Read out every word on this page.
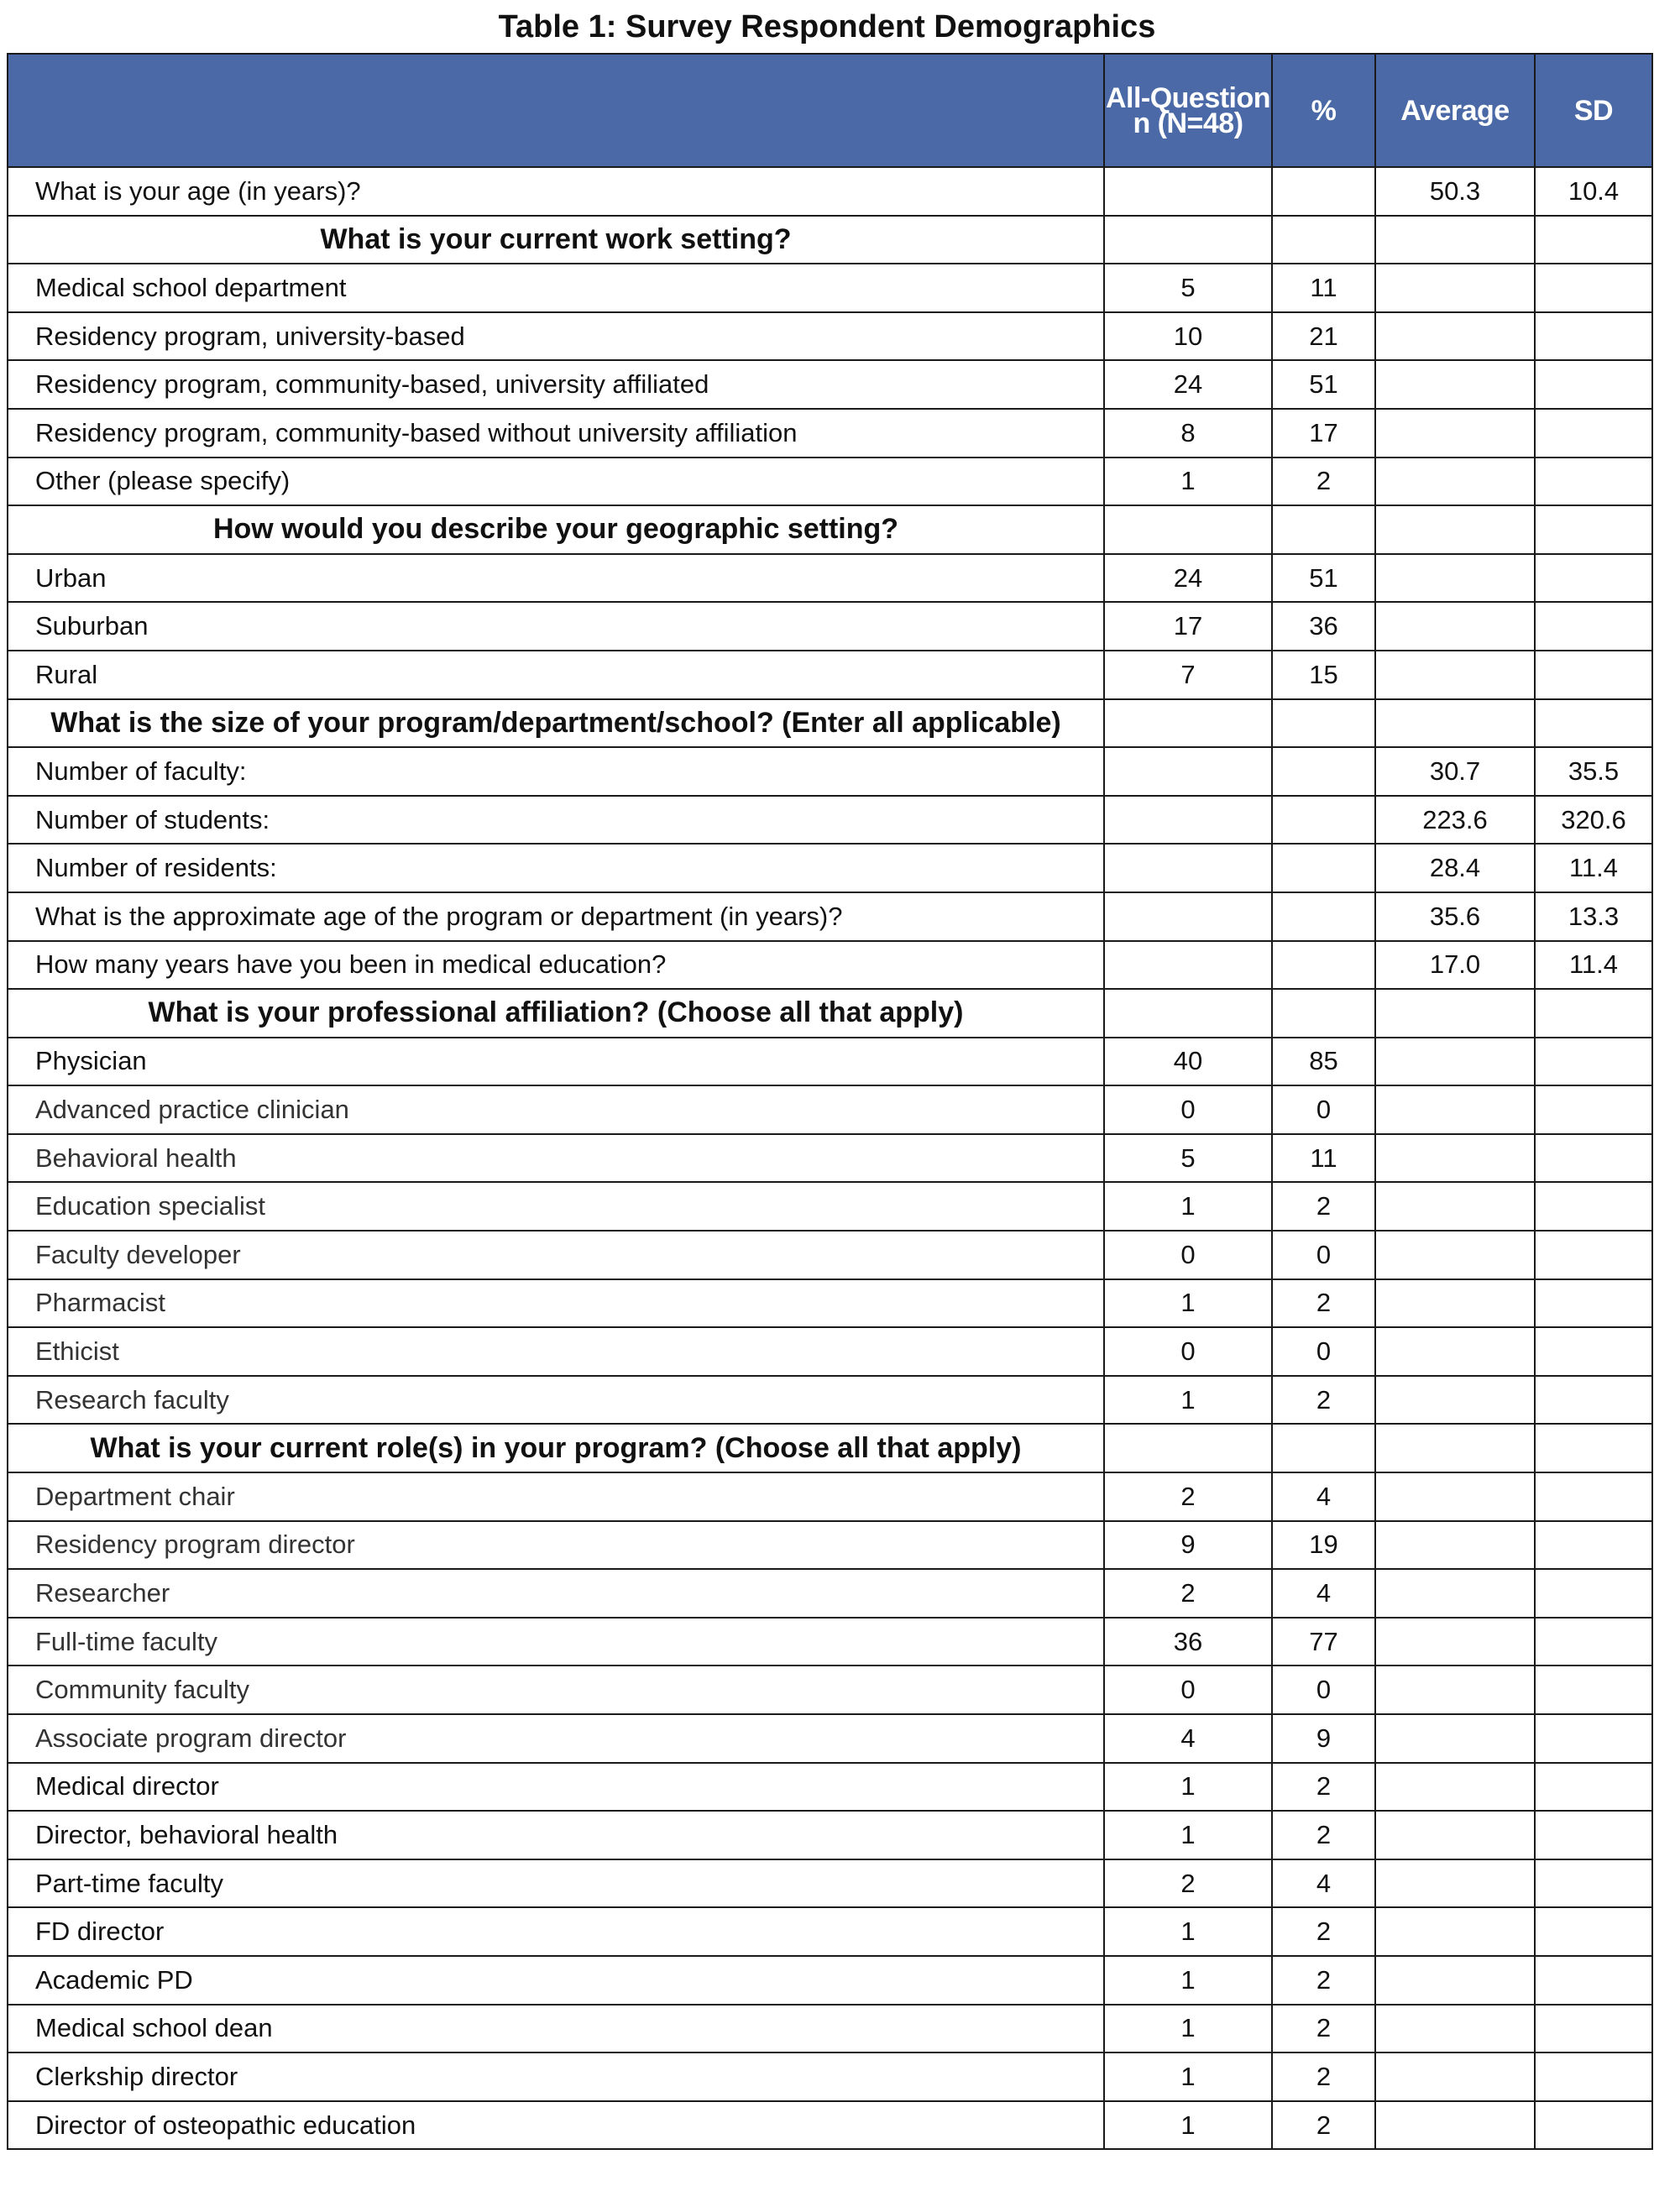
Table 1: Survey Respondent Demographics
	All-Question n (N=48)	%	Average	SD
What is your age (in years)?			50.3	10.4
What is your current work setting?				
Medical school department	5	11		
Residency program, university-based	10	21		
Residency program, community-based, university affiliated	24	51		
Residency program, community-based without university affiliation	8	17		
Other (please specify)	1	2		
How would you describe your geographic setting?				
Urban	24	51		
Suburban	17	36		
Rural	7	15		
What is the size of your program/department/school? (Enter all applicable)				
Number of faculty:			30.7	35.5
Number of students:			223.6	320.6
Number of residents:			28.4	11.4
What is the approximate age of the program or department (in years)?			35.6	13.3
How many years have you been in medical education?			17.0	11.4
What is your professional affiliation? (Choose all that apply)				
Physician	40	85		
Advanced practice clinician	0	0		
Behavioral health	5	11		
Education specialist	1	2		
Faculty developer	0	0		
Pharmacist	1	2		
Ethicist	0	0		
Research faculty	1	2		
What is your current role(s) in your program? (Choose all that apply)				
Department chair	2	4		
Residency program director	9	19		
Researcher	2	4		
Full-time faculty	36	77		
Community faculty	0	0		
Associate program director	4	9		
Medical director	1	2		
Director, behavioral health	1	2		
Part-time faculty	2	4		
FD director	1	2		
Academic PD	1	2		
Medical school dean	1	2		
Clerkship director	1	2		
Director of osteopathic education	1	2		
